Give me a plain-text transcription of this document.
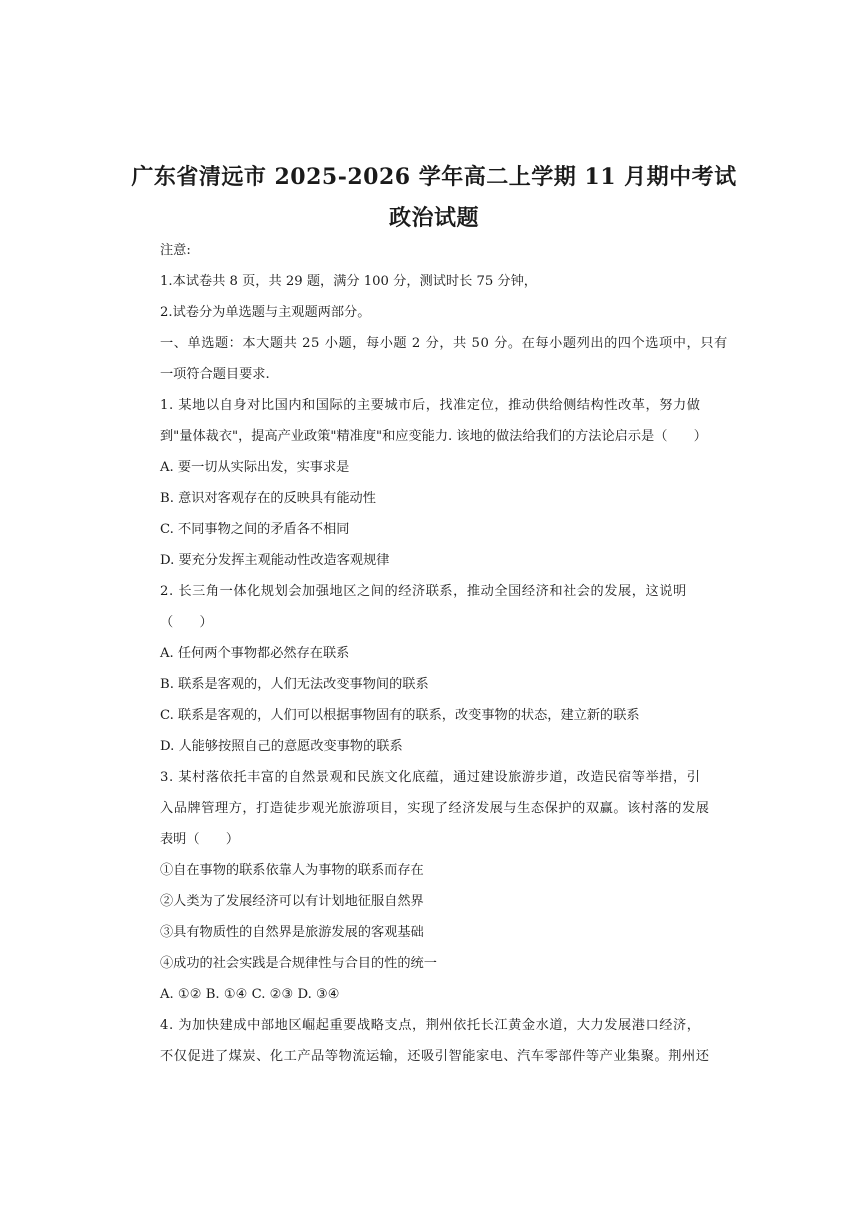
广东省清远市 2025-2026 学年高二上学期 11 月期中考试
政治试题
注意:
1.本试卷共 8 页，共 29 题，满分 100 分，测试时长 75 分钟，
2.试卷分为单选题与主观题两部分。
一、单选题：本大题共 25 小题，每小题 2 分，共 50 分。在每小题列出的四个选项中，只有
一项符合题目要求.
1. 某地以自身对比国内和国际的主要城市后，找准定位，推动供给侧结构性改革，努力做
到"量体裁衣"，提高产业政策"精准度"和应变能力. 该地的做法给我们的方法论启示是（　　）
A. 要一切从实际出发，实事求是
B. 意识对客观存在的反映具有能动性
C. 不同事物之间的矛盾各不相同
D. 要充分发挥主观能动性改造客观规律
2. 长三角一体化规划会加强地区之间的经济联系，推动全国经济和社会的发展，这说明
（　　）
A. 任何两个事物都必然存在联系
B. 联系是客观的，人们无法改变事物间的联系
C. 联系是客观的，人们可以根据事物固有的联系，改变事物的状态，建立新的联系
D. 人能够按照自己的意愿改变事物的联系
3. 某村落依托丰富的自然景观和民族文化底蕴，通过建设旅游步道，改造民宿等举措，引
入品牌管理方，打造徒步观光旅游项目，实现了经济发展与生态保护的双赢。该村落的发展
表明（　　）
①自在事物的联系依靠人为事物的联系而存在
②人类为了发展经济可以有计划地征服自然界
③具有物质性的自然界是旅游发展的客观基础
④成功的社会实践是合规律性与合目的性的统一
A. ①② B. ①④ C. ②③ D. ③④
4. 为加快建成中部地区崛起重要战略支点，荆州依托长江黄金水道，大力发展港口经济，
不仅促进了煤炭、化工产品等物流运输，还吸引智能家电、汽车零部件等产业集聚。荆州还
